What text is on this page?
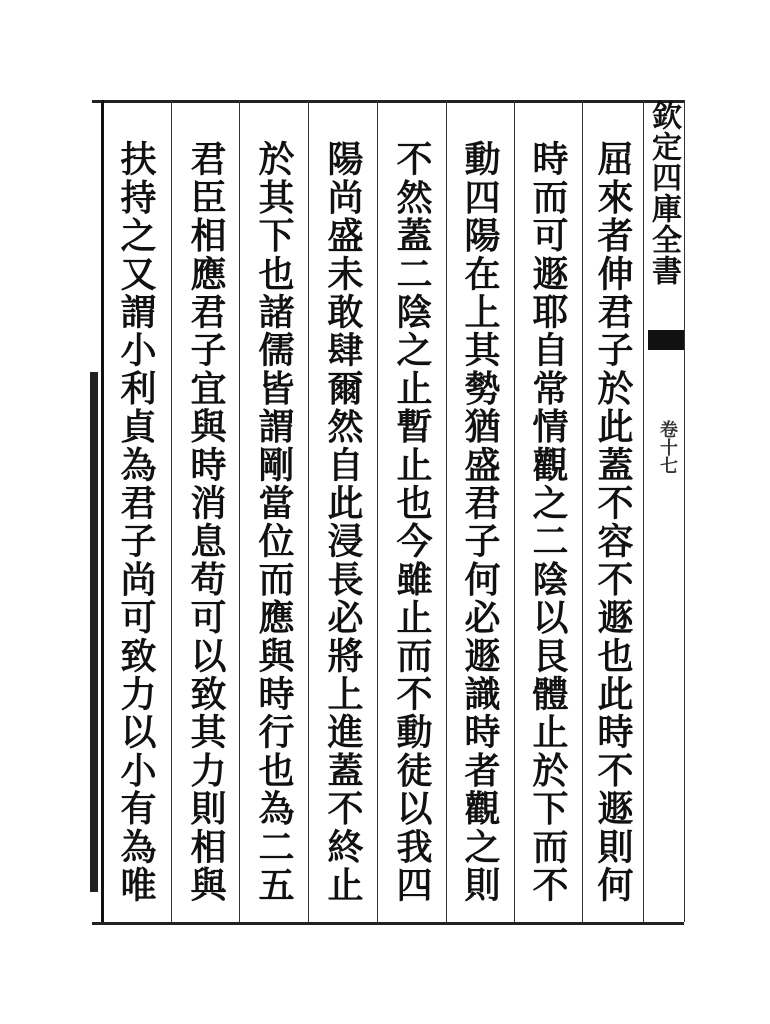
欽定四庫全書
卷十七
屈來者伸君子於此蓋不容不遯也此時不遯則何
時而可遯耶自常情觀之二陰以艮體止於下而不
動四陽在上其勢猶盛君子何必遯識時者觀之則
不然蓋二陰之止暫止也今雖止而不動徒以我四
陽尚盛未敢肆爾然自此浸長必將上進蓋不終止
於其下也諸儒皆謂剛當位而應與時行也為二五
君臣相應君子宜與時消息苟可以致其力則相與
扶持之又謂小利貞為君子尚可致力以小有為唯
